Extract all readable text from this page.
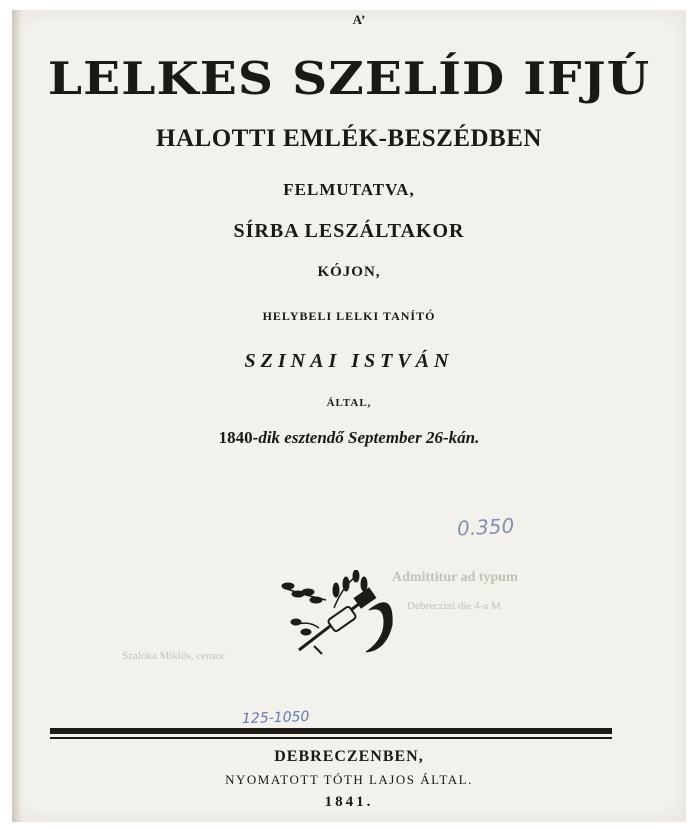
A’
LELKES SZELÍD IFJÚ
HALOTTI EMLÉK-BESZÉDBEN
FELMUTATVA,
SÍRBA LESZÁLTAKOR
KÓJON,
HELYBELI LELKI TANÍTÓ
SZINAI ISTVÁN
ÁLTAL,
1840-dik esztendő September 26-kán.
0.350
Admittitur ad typum
Debreczini die 4-a M
Szalóka Miklós, censor
125-1050
DEBRECZENBEN,
NYOMATOTT TÓTH LAJOS ÁLTAL.
1841.
